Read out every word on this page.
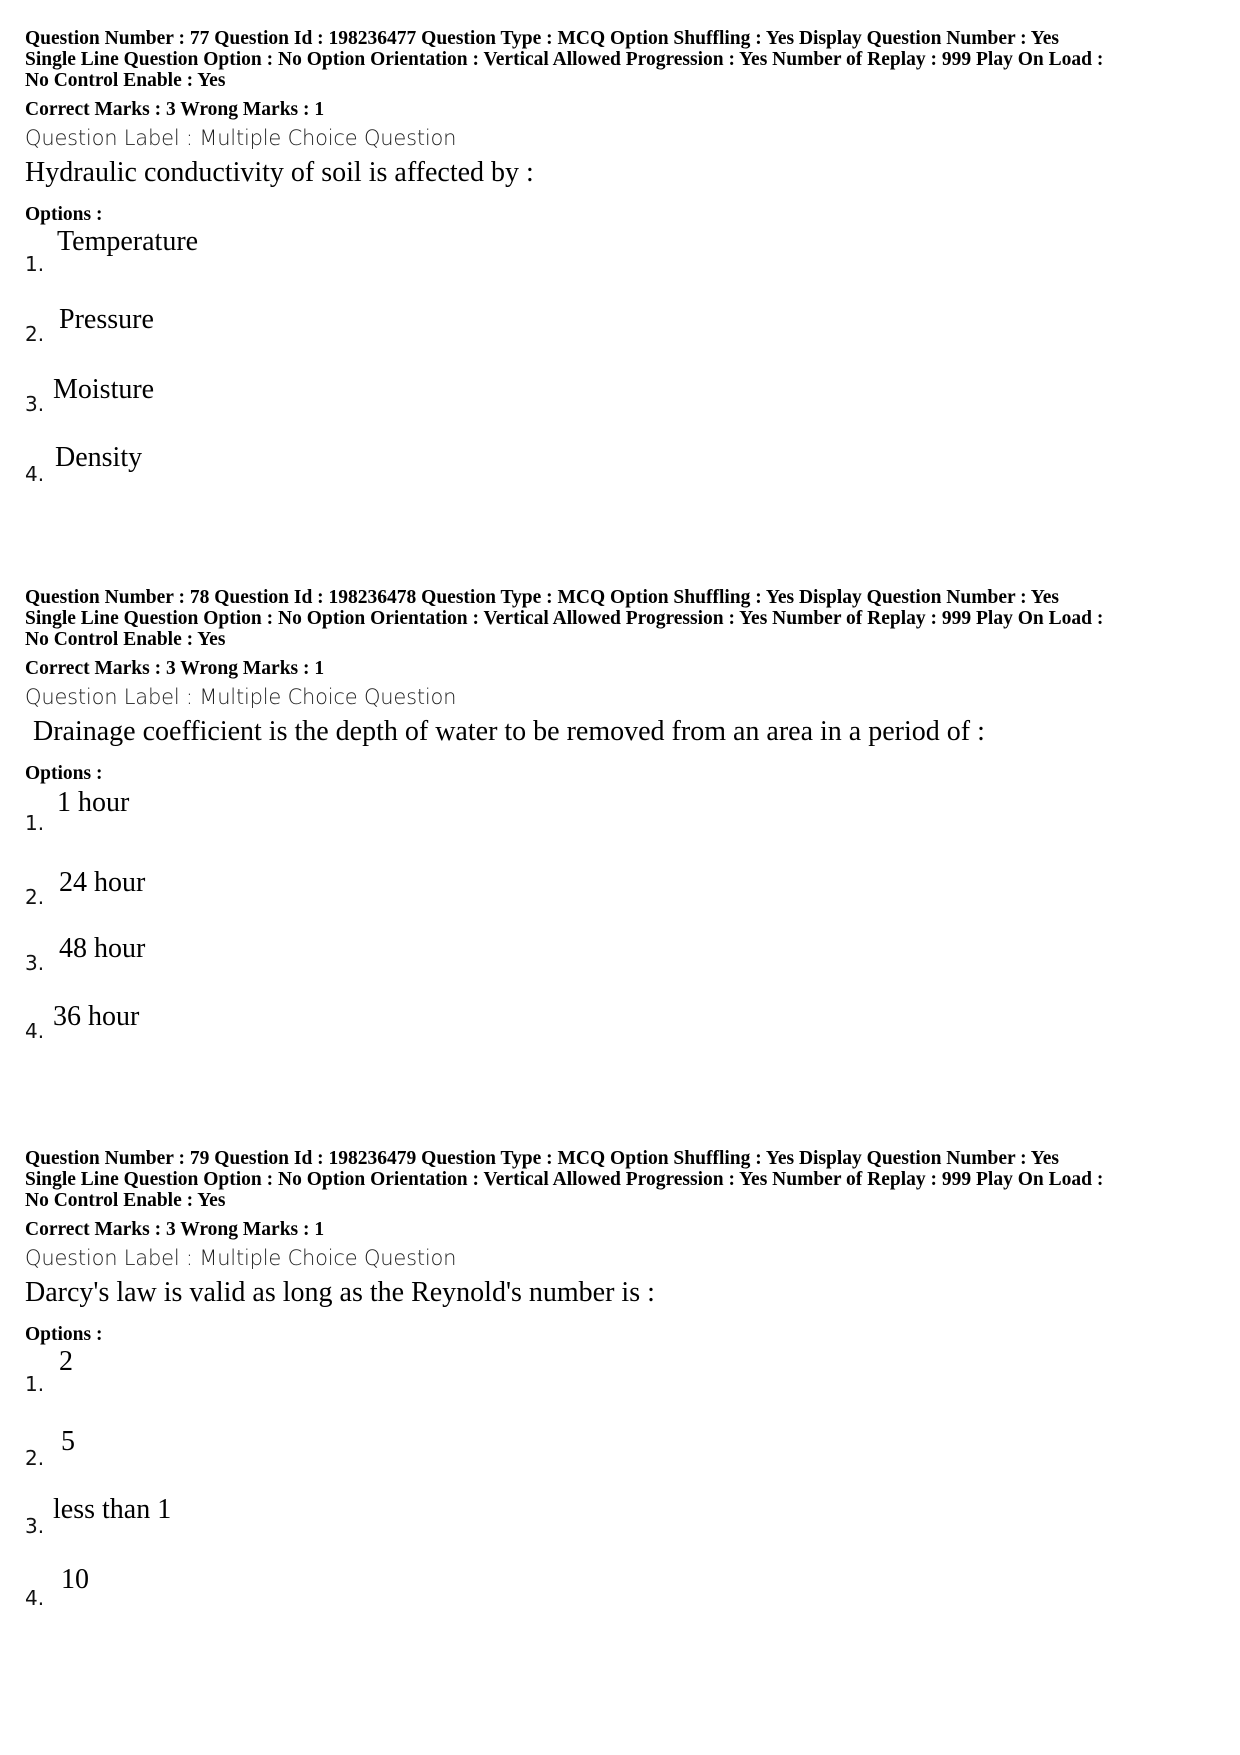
Question Number : 77 Question Id : 198236477 Question Type : MCQ Option Shuffling : Yes Display Question Number : Yes
Single Line Question Option : No Option Orientation : Vertical Allowed Progression : Yes Number of Replay : 999 Play On Load :
No Control Enable : Yes
Correct Marks : 3 Wrong Marks : 1
Question Label : Multiple Choice Question
Hydraulic conductivity of soil is affected by :
Options :
1.
Temperature
2. Pressure
3. Moisture
4.
Density
Question Number : 78 Question Id : 198236478 Question Type : MCQ Option Shuffling : Yes Display Question Number : Yes
Single Line Question Option : No Option Orientation : Vertical Allowed Progression : Yes Number of Replay : 999 Play On Load :
No Control Enable : Yes
Correct Marks : 3 Wrong Marks : 1
Question Label : Multiple Choice Question
Drainage coefficient is the depth of water to be removed from an area in a period of :
Options :
1.
1 hour
2. 24 hour
3. 48 hour
4. 36 hour
Question Number : 79 Question Id : 198236479 Question Type : MCQ Option Shuffling : Yes Display Question Number : Yes
Single Line Question Option : No Option Orientation : Vertical Allowed Progression : Yes Number of Replay : 999 Play On Load :
No Control Enable : Yes
Correct Marks : 3 Wrong Marks : 1
Question Label : Multiple Choice Question
Darcy's law is valid as long as the Reynold's number is :
Options :
1.
2
2.
5
3.
less than 1
4.
10
